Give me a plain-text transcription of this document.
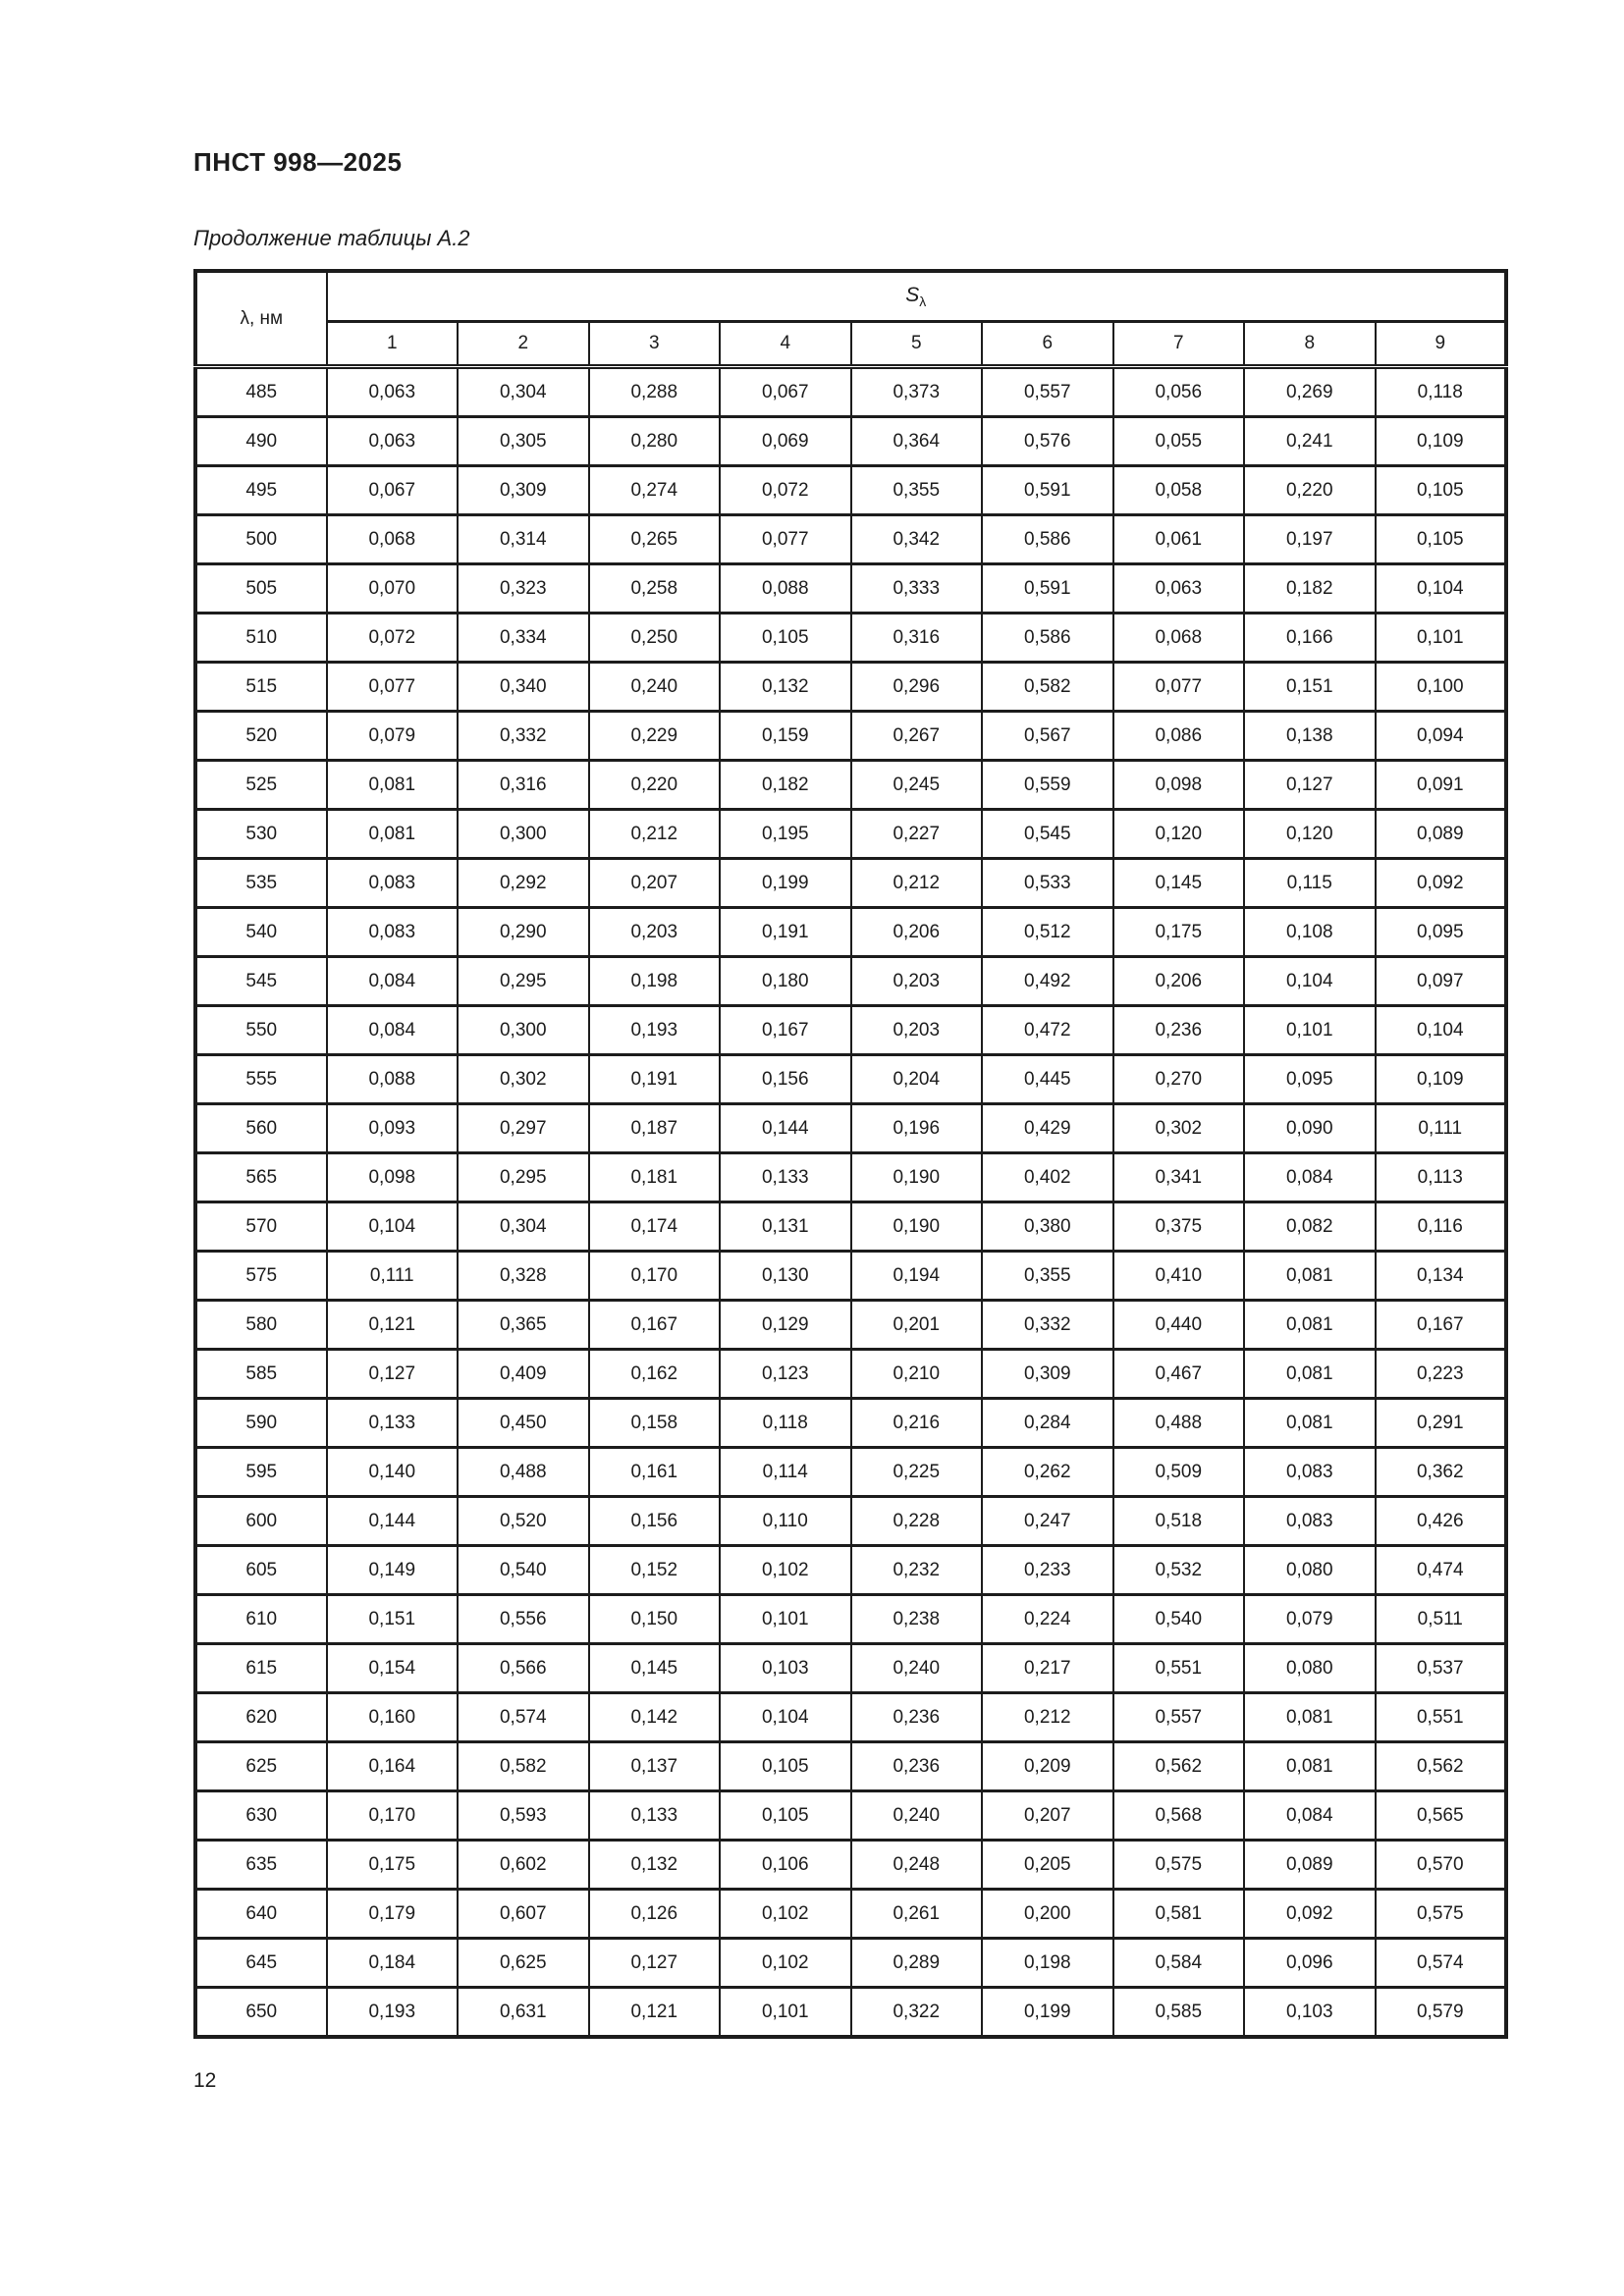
ПНСТ 998—2025
Продолжение таблицы А.2
λ, нм	$S_\lambda$
	1	2	3	4	5	6	7	8	9
485	0,063	0,304	0,288	0,067	0,373	0,557	0,056	0,269	0,118
490	0,063	0,305	0,280	0,069	0,364	0,576	0,055	0,241	0,109
495	0,067	0,309	0,274	0,072	0,355	0,591	0,058	0,220	0,105
500	0,068	0,314	0,265	0,077	0,342	0,586	0,061	0,197	0,105
505	0,070	0,323	0,258	0,088	0,333	0,591	0,063	0,182	0,104
510	0,072	0,334	0,250	0,105	0,316	0,586	0,068	0,166	0,101
515	0,077	0,340	0,240	0,132	0,296	0,582	0,077	0,151	0,100
520	0,079	0,332	0,229	0,159	0,267	0,567	0,086	0,138	0,094
525	0,081	0,316	0,220	0,182	0,245	0,559	0,098	0,127	0,091
530	0,081	0,300	0,212	0,195	0,227	0,545	0,120	0,120	0,089
535	0,083	0,292	0,207	0,199	0,212	0,533	0,145	0,115	0,092
540	0,083	0,290	0,203	0,191	0,206	0,512	0,175	0,108	0,095
545	0,084	0,295	0,198	0,180	0,203	0,492	0,206	0,104	0,097
550	0,084	0,300	0,193	0,167	0,203	0,472	0,236	0,101	0,104
555	0,088	0,302	0,191	0,156	0,204	0,445	0,270	0,095	0,109
560	0,093	0,297	0,187	0,144	0,196	0,429	0,302	0,090	0,111
565	0,098	0,295	0,181	0,133	0,190	0,402	0,341	0,084	0,113
570	0,104	0,304	0,174	0,131	0,190	0,380	0,375	0,082	0,116
575	0,111	0,328	0,170	0,130	0,194	0,355	0,410	0,081	0,134
580	0,121	0,365	0,167	0,129	0,201	0,332	0,440	0,081	0,167
585	0,127	0,409	0,162	0,123	0,210	0,309	0,467	0,081	0,223
590	0,133	0,450	0,158	0,118	0,216	0,284	0,488	0,081	0,291
595	0,140	0,488	0,161	0,114	0,225	0,262	0,509	0,083	0,362
600	0,144	0,520	0,156	0,110	0,228	0,247	0,518	0,083	0,426
605	0,149	0,540	0,152	0,102	0,232	0,233	0,532	0,080	0,474
610	0,151	0,556	0,150	0,101	0,238	0,224	0,540	0,079	0,511
615	0,154	0,566	0,145	0,103	0,240	0,217	0,551	0,080	0,537
620	0,160	0,574	0,142	0,104	0,236	0,212	0,557	0,081	0,551
625	0,164	0,582	0,137	0,105	0,236	0,209	0,562	0,081	0,562
630	0,170	0,593	0,133	0,105	0,240	0,207	0,568	0,084	0,565
635	0,175	0,602	0,132	0,106	0,248	0,205	0,575	0,089	0,570
640	0,179	0,607	0,126	0,102	0,261	0,200	0,581	0,092	0,575
645	0,184	0,625	0,127	0,102	0,289	0,198	0,584	0,096	0,574
650	0,193	0,631	0,121	0,101	0,322	0,199	0,585	0,103	0,579
12
